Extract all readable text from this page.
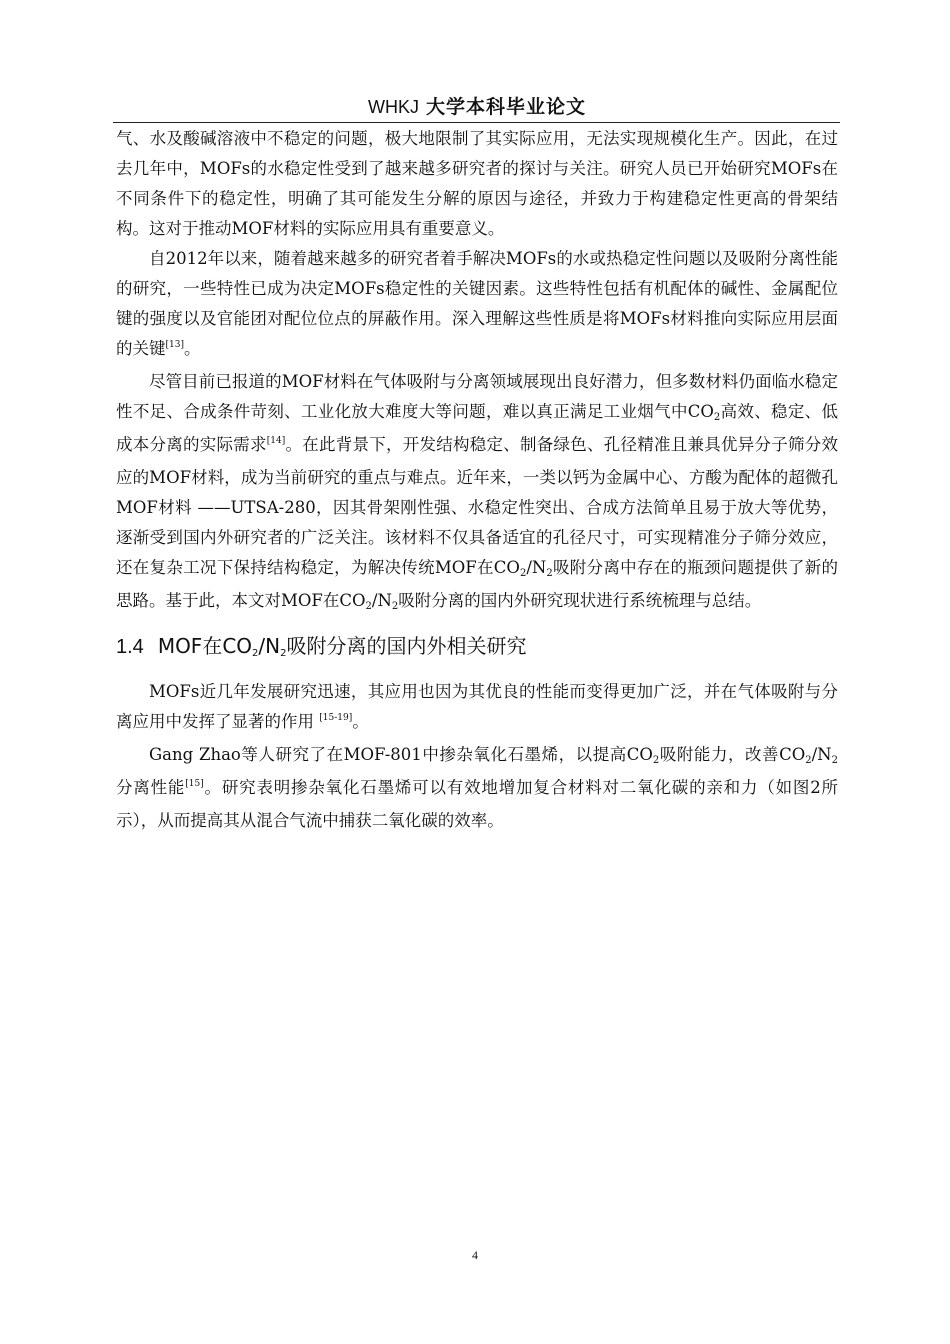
WHKJ 大学本科毕业论文

气、水及酸碱溶液中不稳定的问题，极大地限制了其实际应用，无法实现规模化生产。因此，在过去几年中，MOFs的水稳定性受到了越来越多研究者的探讨与关注。研究人员已开始研究MOFs在不同条件下的稳定性，明确了其可能发生分解的原因与途径，并致力于构建稳定性更高的骨架结构。这对于推动MOF材料的实际应用具有重要意义。

自2012年以来，随着越来越多的研究者着手解决MOFs的水或热稳定性问题以及吸附分离性能的研究，一些特性已成为决定MOFs稳定性的关键因素。这些特性包括有机配体的碱性、金属配位键的强度以及官能团对配位位点的屏蔽作用。深入理解这些性质是将MOFs材料推向实际应用层面的关键[13]。

尽管目前已报道的MOF材料在气体吸附与分离领域展现出良好潜力，但多数材料仍面临水稳定性不足、合成条件苛刻、工业化放大难度大等问题，难以真正满足工业烟气中$CO_2$高效、稳定、低成本分离的实际需求[14]。在此背景下，开发结构稳定、制备绿色、孔径精准且兼具优异分子筛分效应的MOF材料，成为当前研究的重点与难点。近年来，一类以钙为金属中心、方酸为配体的超微孔 MOF材料 ——UTSA-280，因其骨架刚性强、水稳定性突出、合成方法简单且易于放大等优势，逐渐受到国内外研究者的广泛关注。该材料不仅具备适宜的孔径尺寸，可实现精准分子筛分效应，还在复杂工况下保持结构稳定，为解决传统MOF在$CO_2/N_2$吸附分离中存在的瓶颈问题提供了新的思路。基于此，本文对MOF在$CO_2/N_2$吸附分离的国内外研究现状进行系统梳理与总结。

1.4 MOF在$CO_2/N_2$吸附分离的国内外相关研究

MOFs近几年发展研究迅速，其应用也因为其优良的性能而变得更加广泛，并在气体吸附与分离应用中发挥了显著的作用 [15-19]。

Gang Zhao等人研究了在MOF-801中掺杂氧化石墨烯，以提高$CO_2$吸附能力，改善$CO_2/N_2$分离性能[15]。研究表明掺杂氧化石墨烯可以有效地增加复合材料对二氧化碳的亲和力（如图2所示），从而提高其从混合气流中捕获二氧化碳的效率。

4
